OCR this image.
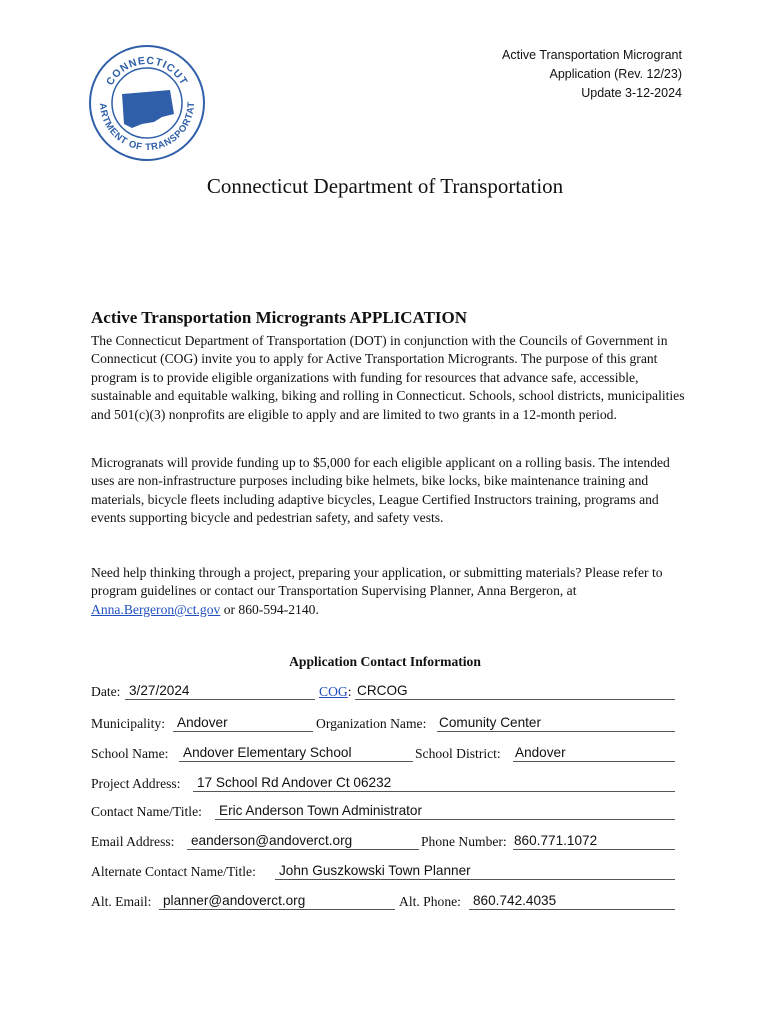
CONNECTICUT
ARTMENT OF TRANSPORTAT
Active Transportation Microgrant
Application (Rev. 12/23)
Update 3-12-2024
Connecticut Department of Transportation
Active Transportation Microgrants APPLICATION

The Connecticut Department of Transportation (DOT) in conjunction with the Councils of Government in Connecticut (COG) invite you to apply for Active Transportation Microgrants. The purpose of this grant program is to provide eligible organizations with funding for resources that advance safe, accessible, sustainable and equitable walking, biking and rolling in Connecticut. Schools, school districts, municipalities and 501(c)(3) nonprofits are eligible to apply and are limited to two grants in a 12-month period.

Microgranats will provide funding up to $5,000 for each eligible applicant on a rolling basis. The intended uses are non-infrastructure purposes including bike helmets, bike locks, bike maintenance training and materials, bicycle fleets including adaptive bicycles, League Certified Instructors training, programs and events supporting bicycle and pedestrian safety, and safety vests.

Need help thinking through a project, preparing your application, or submitting materials? Please refer to program guidelines or contact our Transportation Supervising Planner, Anna Bergeron, at Anna.Bergeron@ct.gov or 860-594-2140.

Application Contact Information
Date: 3/27/2024	COG: CRCOG
Municipality: Andover	Organization Name: Comunity Center
School Name: Andover Elementary School	School District: Andover
Project Address: 17 School Rd Andover Ct 06232
Contact Name/Title: Eric Anderson Town Administrator
Email Address: eanderson@andoverct.org	Phone Number: 860.771.1072
Alternate Contact Name/Title: John Guszkowski Town Planner
Alt. Email: planner@andoverct.org	Alt. Phone: 860.742.4035
